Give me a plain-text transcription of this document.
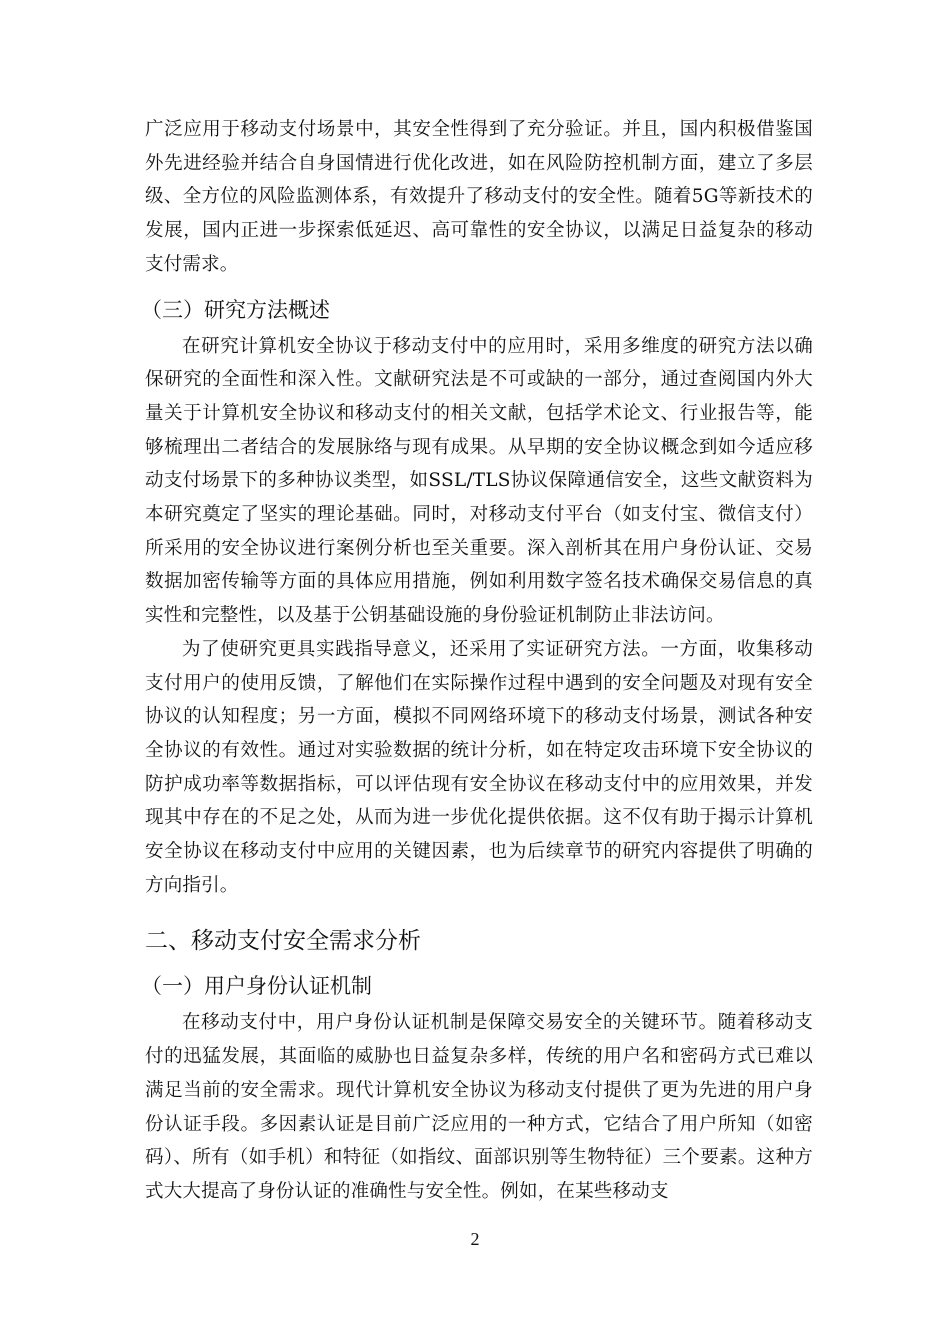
广泛应用于移动支付场景中，其安全性得到了充分验证。并且，国内积极借鉴国外先进经验并结合自身国情进行优化改进，如在风险防控机制方面，建立了多层级、全方位的风险监测体系，有效提升了移动支付的安全性。随着5G等新技术的发展，国内正进一步探索低延迟、高可靠性的安全协议，以满足日益复杂的移动支付需求。

（三）研究方法概述

在研究计算机安全协议于移动支付中的应用时，采用多维度的研究方法以确保研究的全面性和深入性。文献研究法是不可或缺的一部分，通过查阅国内外大量关于计算机安全协议和移动支付的相关文献，包括学术论文、行业报告等，能够梳理出二者结合的发展脉络与现有成果。从早期的安全协议概念到如今适应移动支付场景下的多种协议类型，如SSL/TLS协议保障通信安全，这些文献资料为本研究奠定了坚实的理论基础。同时，对移动支付平台（如支付宝、微信支付）所采用的安全协议进行案例分析也至关重要。深入剖析其在用户身份认证、交易数据加密传输等方面的具体应用措施，例如利用数字签名技术确保交易信息的真实性和完整性，以及基于公钥基础设施的身份验证机制防止非法访问。

为了使研究更具实践指导意义，还采用了实证研究方法。一方面，收集移动支付用户的使用反馈，了解他们在实际操作过程中遇到的安全问题及对现有安全协议的认知程度；另一方面，模拟不同网络环境下的移动支付场景，测试各种安全协议的有效性。通过对实验数据的统计分析，如在特定攻击环境下安全协议的防护成功率等数据指标，可以评估现有安全协议在移动支付中的应用效果，并发现其中存在的不足之处，从而为进一步优化提供依据。这不仅有助于揭示计算机安全协议在移动支付中应用的关键因素，也为后续章节的研究内容提供了明确的方向指引。

二、移动支付安全需求分析
（一）用户身份认证机制

在移动支付中，用户身份认证机制是保障交易安全的关键环节。随着移动支付的迅猛发展，其面临的威胁也日益复杂多样，传统的用户名和密码方式已难以满足当前的安全需求。现代计算机安全协议为移动支付提供了更为先进的用户身份认证手段。多因素认证是目前广泛应用的一种方式，它结合了用户所知（如密码）、所有（如手机）和特征（如指纹、面部识别等生物特征）三个要素。这种方式大大提高了身份认证的准确性与安全性。例如，在某些移动支

2
